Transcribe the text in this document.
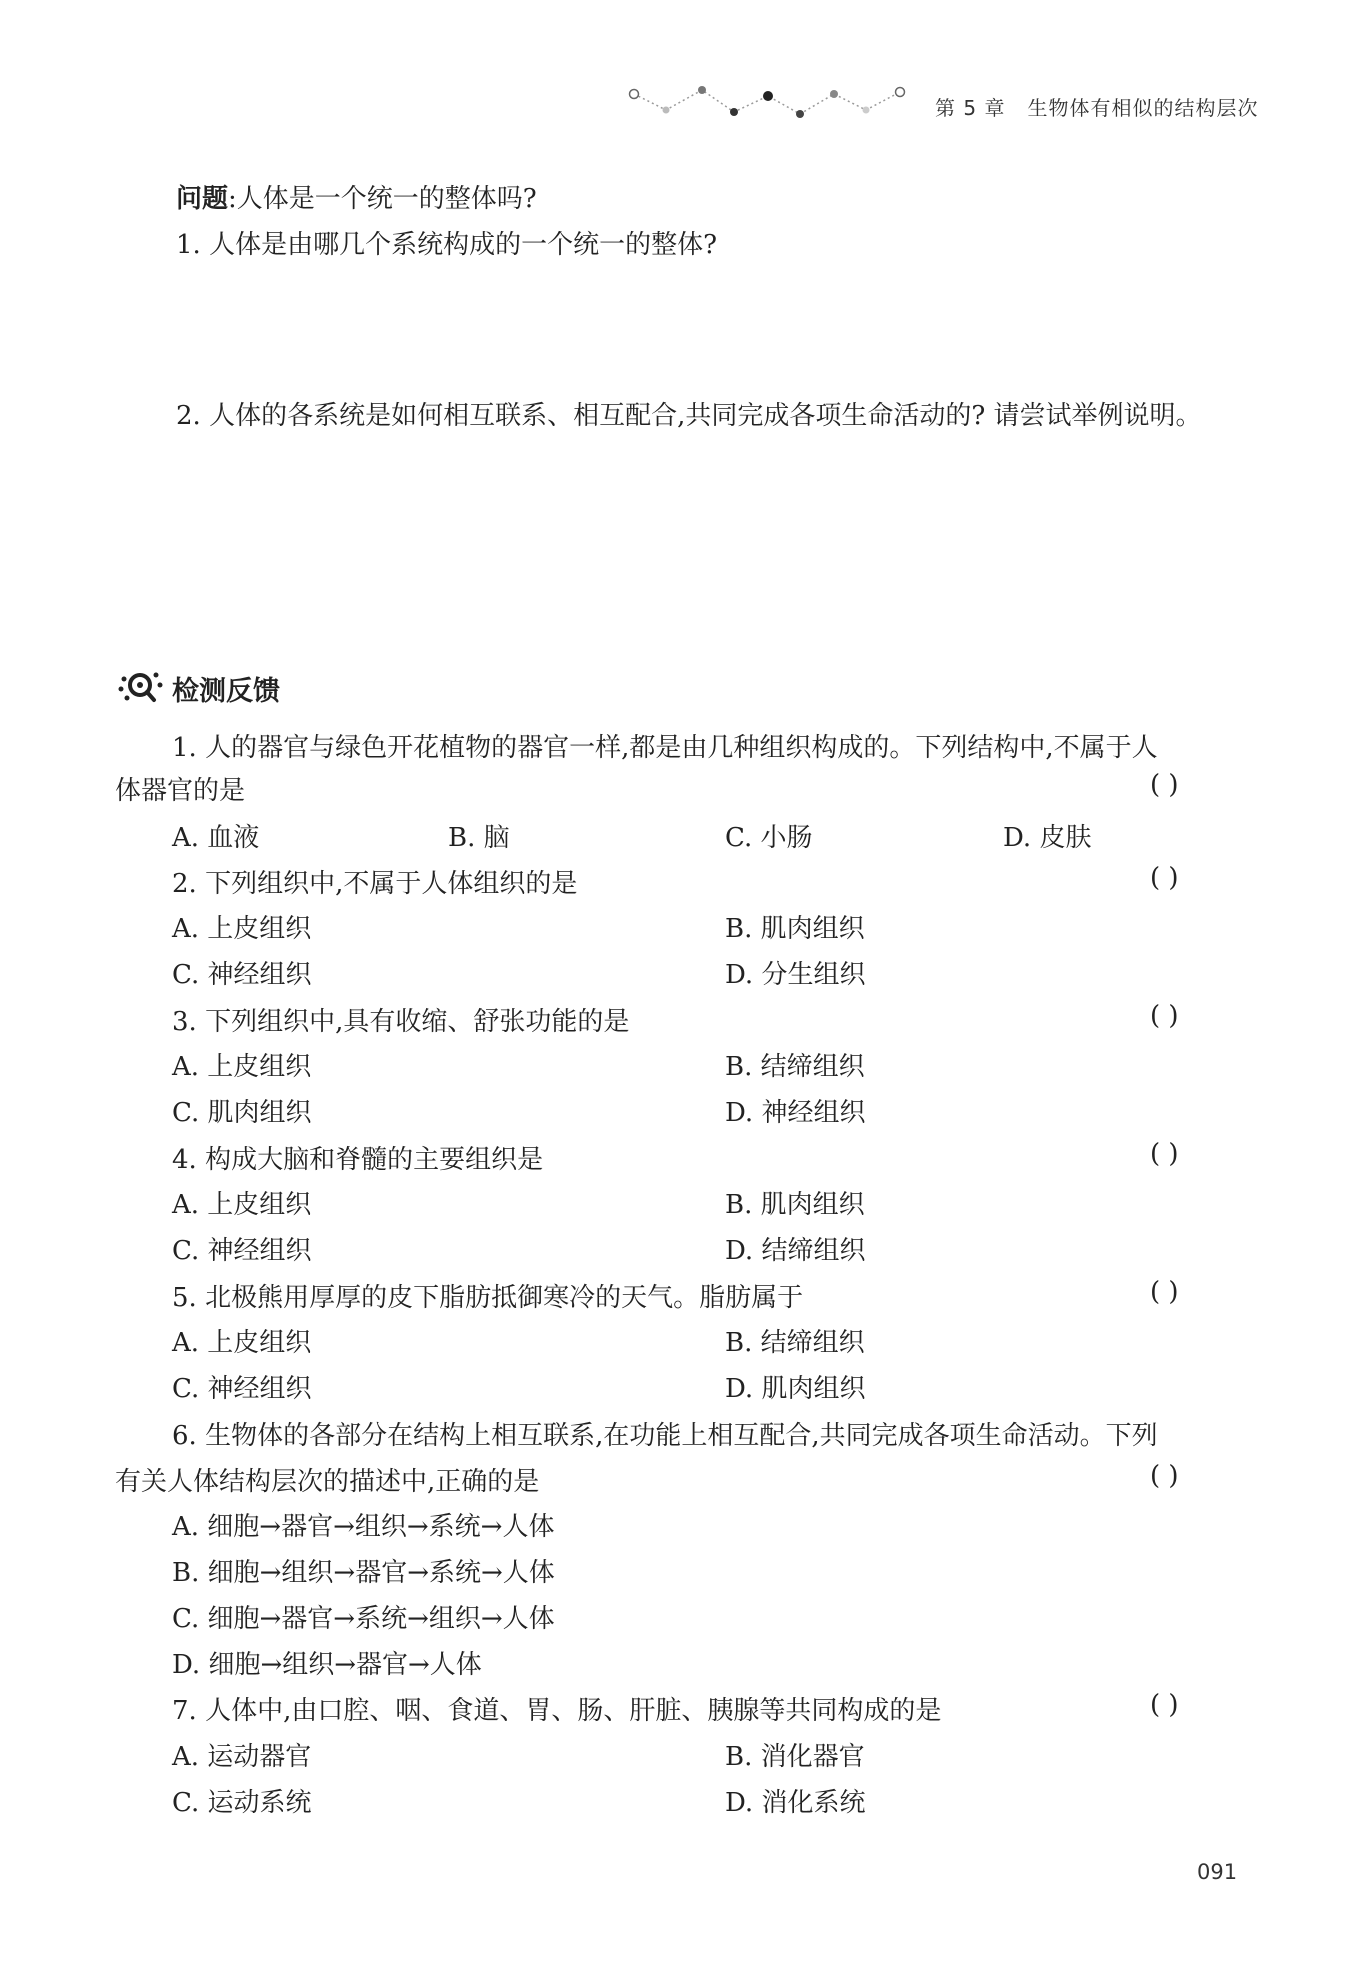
第 5 章 生物体有相似的结构层次
问题:人体是一个统一的整体吗?
1. 人体是由哪几个系统构成的一个统一的整体?
2. 人体的各系统是如何相互联系、相互配合,共同完成各项生命活动的? 请尝试举例说明。
检测反馈
1. 人的器官与绿色开花植物的器官一样,都是由几种组织构成的。下列结构中,不属于人
体器官的是	( )
A. 血液	B. 脑	C. 小肠	D. 皮肤
2. 下列组织中,不属于人体组织的是	( )
A. 上皮组织	B. 肌肉组织
C. 神经组织	D. 分生组织
3. 下列组织中,具有收缩、舒张功能的是	( )
A. 上皮组织	B. 结缔组织
C. 肌肉组织	D. 神经组织
4. 构成大脑和脊髓的主要组织是	( )
A. 上皮组织	B. 肌肉组织
C. 神经组织	D. 结缔组织
5. 北极熊用厚厚的皮下脂肪抵御寒冷的天气。脂肪属于	( )
A. 上皮组织	B. 结缔组织
C. 神经组织	D. 肌肉组织
6. 生物体的各部分在结构上相互联系,在功能上相互配合,共同完成各项生命活动。下列
有关人体结构层次的描述中,正确的是	( )
A. 细胞→器官→组织→系统→人体
B. 细胞→组织→器官→系统→人体
C. 细胞→器官→系统→组织→人体
D. 细胞→组织→器官→人体
7. 人体中,由口腔、咽、食道、胃、肠、肝脏、胰腺等共同构成的是	( )
A. 运动器官	B. 消化器官
C. 运动系统	D. 消化系统
091
